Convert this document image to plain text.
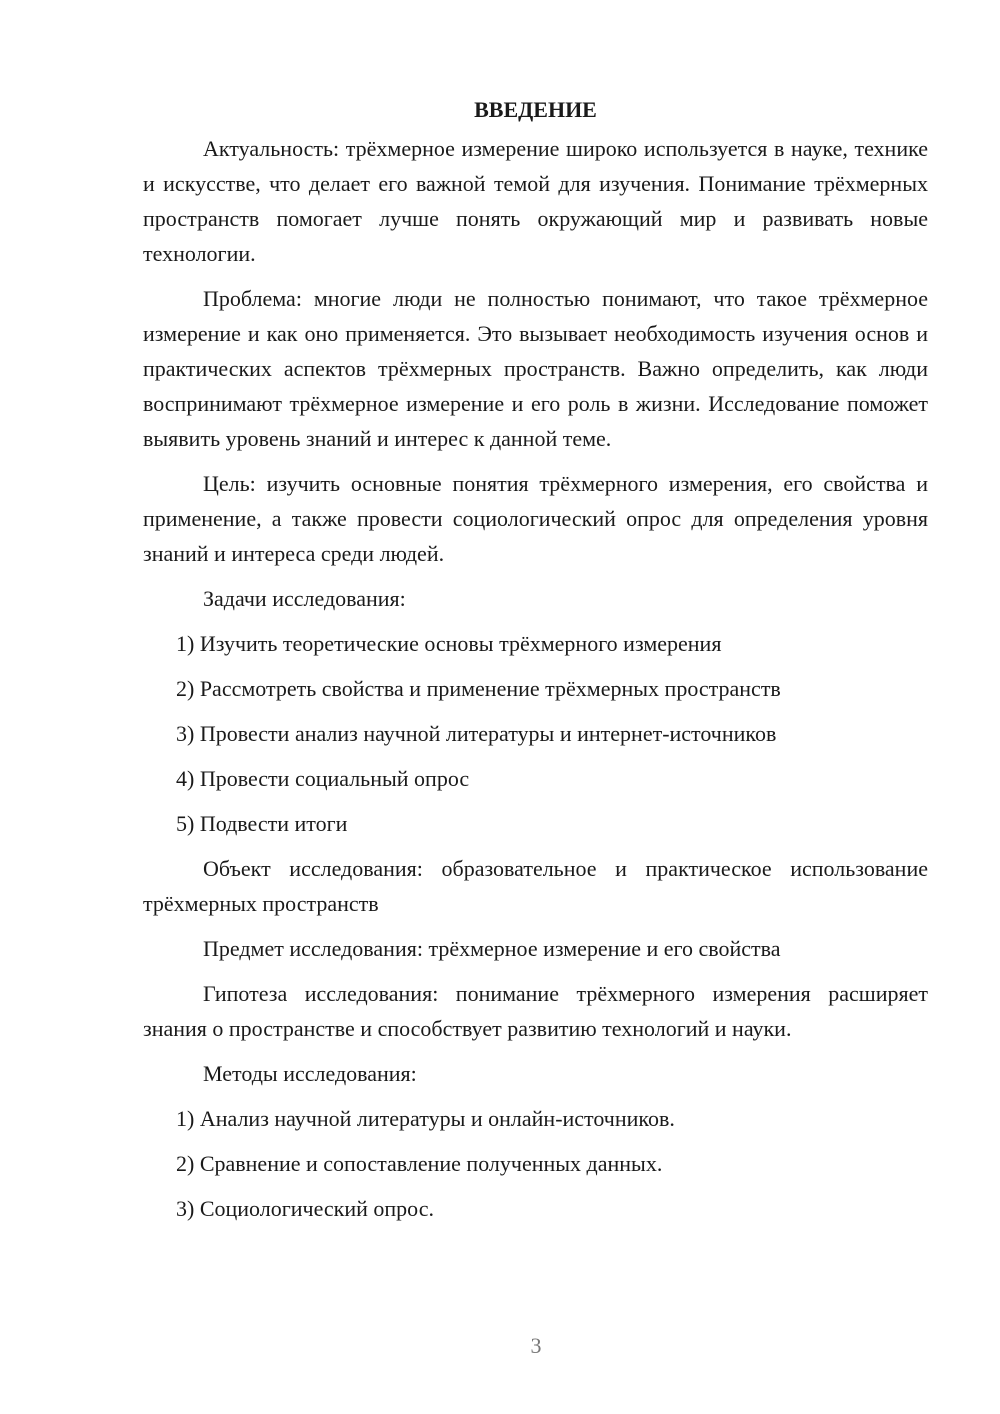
ВВЕДЕНИЕ

Актуальность: трёхмерное измерение широко используется в науке, технике и искусстве, что делает его важной темой для изучения. Понимание трёхмерных пространств помогает лучше понять окружающий мир и развивать новые технологии.

Проблема: многие люди не полностью понимают, что такое трёхмерное измерение и как оно применяется. Это вызывает необходимость изучения основ и практических аспектов трёхмерных пространств. Важно определить, как люди воспринимают трёхмерное измерение и его роль в жизни. Исследование поможет выявить уровень знаний и интерес к данной теме.

Цель: изучить основные понятия трёхмерного измерения, его свойства и применение, а также провести социологический опрос для определения уровня знаний и интереса среди людей.

Задачи исследования:
1) Изучить теоретические основы трёхмерного измерения
2) Рассмотреть свойства и применение трёхмерных пространств
3) Провести анализ научной литературы и интернет-источников
4) Провести социальный опрос
5) Подвести итоги

Объект исследования: образовательное и практическое использование трёхмерных пространств

Предмет исследования: трёхмерное измерение и его свойства

Гипотеза исследования: понимание трёхмерного измерения расширяет знания о пространстве и способствует развитию технологий и науки.

Методы исследования:
1) Анализ научной литературы и онлайн-источников.
2) Сравнение и сопоставление полученных данных.
3) Социологический опрос.
3
